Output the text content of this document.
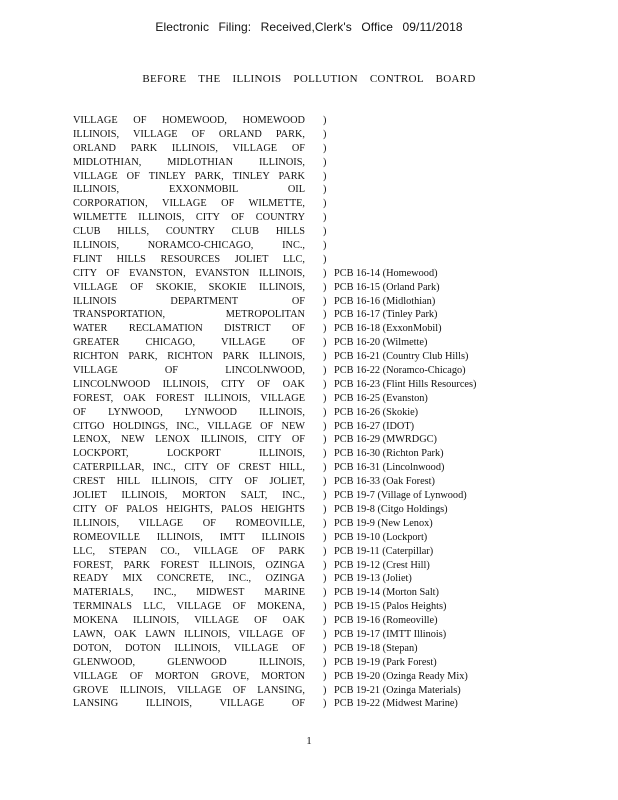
Electronic Filing: Received,Clerk's Office 09/11/2018
BEFORE THE ILLINOIS POLLUTION CONTROL BOARD
VILLAGE OF HOMEWOOD, HOMEWOOD )
ILLINOIS, VILLAGE OF ORLAND PARK, )
ORLAND PARK ILLINOIS, VILLAGE OF )
MIDLOTHIAN, MIDLOTHIAN ILLINOIS, )
VILLAGE OF TINLEY PARK, TINLEY PARK )
ILLINOIS, EXXONMOBIL OIL )
CORPORATION, VILLAGE OF WILMETTE, )
WILMETTE ILLINOIS, CITY OF COUNTRY )
CLUB HILLS, COUNTRY CLUB HILLS )
ILLINOIS, NORAMCO-CHICAGO, INC., )
FLINT HILLS RESOURCES JOLIET LLC, )
CITY OF EVANSTON, EVANSTON ILLINOIS, ) PCB 16-14 (Homewood)
VILLAGE OF SKOKIE, SKOKIE ILLINOIS, ) PCB 16-15 (Orland Park)
ILLINOIS DEPARTMENT OF ) PCB 16-16 (Midlothian)
TRANSPORTATION, METROPOLITAN ) PCB 16-17 (Tinley Park)
WATER RECLAMATION DISTRICT OF ) PCB 16-18 (ExxonMobil)
GREATER CHICAGO, VILLAGE OF ) PCB 16-20 (Wilmette)
RICHTON PARK, RICHTON PARK ILLINOIS, ) PCB 16-21 (Country Club Hills)
VILLAGE OF LINCOLNWOOD, ) PCB 16-22 (Noramco-Chicago)
LINCOLNWOOD ILLINOIS, CITY OF OAK ) PCB 16-23 (Flint Hills Resources)
FOREST, OAK FOREST ILLINOIS, VILLAGE ) PCB 16-25 (Evanston)
OF LYNWOOD, LYNWOOD ILLINOIS, ) PCB 16-26 (Skokie)
CITGO HOLDINGS, INC., VILLAGE OF NEW ) PCB 16-27 (IDOT)
LENOX, NEW LENOX ILLINOIS, CITY OF ) PCB 16-29 (MWRDGC)
LOCKPORT, LOCKPORT ILLINOIS, ) PCB 16-30 (Richton Park)
CATERPILLAR, INC., CITY OF CREST HILL, ) PCB 16-31 (Lincolnwood)
CREST HILL ILLINOIS, CITY OF JOLIET, ) PCB 16-33 (Oak Forest)
JOLIET ILLINOIS, MORTON SALT, INC., ) PCB 19-7 (Village of Lynwood)
CITY OF PALOS HEIGHTS, PALOS HEIGHTS ) PCB 19-8 (Citgo Holdings)
ILLINOIS, VILLAGE OF ROMEOVILLE, ) PCB 19-9 (New Lenox)
ROMEOVILLE ILLINOIS, IMTT ILLINOIS ) PCB 19-10 (Lockport)
LLC, STEPAN CO., VILLAGE OF PARK ) PCB 19-11 (Caterpillar)
FOREST, PARK FOREST ILLINOIS, OZINGA ) PCB 19-12 (Crest Hill)
READY MIX CONCRETE, INC., OZINGA ) PCB 19-13 (Joliet)
MATERIALS, INC., MIDWEST MARINE ) PCB 19-14 (Morton Salt)
TERMINALS LLC, VILLAGE OF MOKENA, ) PCB 19-15 (Palos Heights)
MOKENA ILLINOIS, VILLAGE OF OAK ) PCB 19-16 (Romeoville)
LAWN, OAK LAWN ILLINOIS, VILLAGE OF ) PCB 19-17 (IMTT Illinois)
DOTON, DOTON ILLINOIS, VILLAGE OF ) PCB 19-18 (Stepan)
GLENWOOD, GLENWOOD ILLINOIS, ) PCB 19-19 (Park Forest)
VILLAGE OF MORTON GROVE, MORTON ) PCB 19-20 (Ozinga Ready Mix)
GROVE ILLINOIS, VILLAGE OF LANSING, ) PCB 19-21 (Ozinga Materials)
LANSING ILLINOIS, VILLAGE OF ) PCB 19-22 (Midwest Marine)
1
